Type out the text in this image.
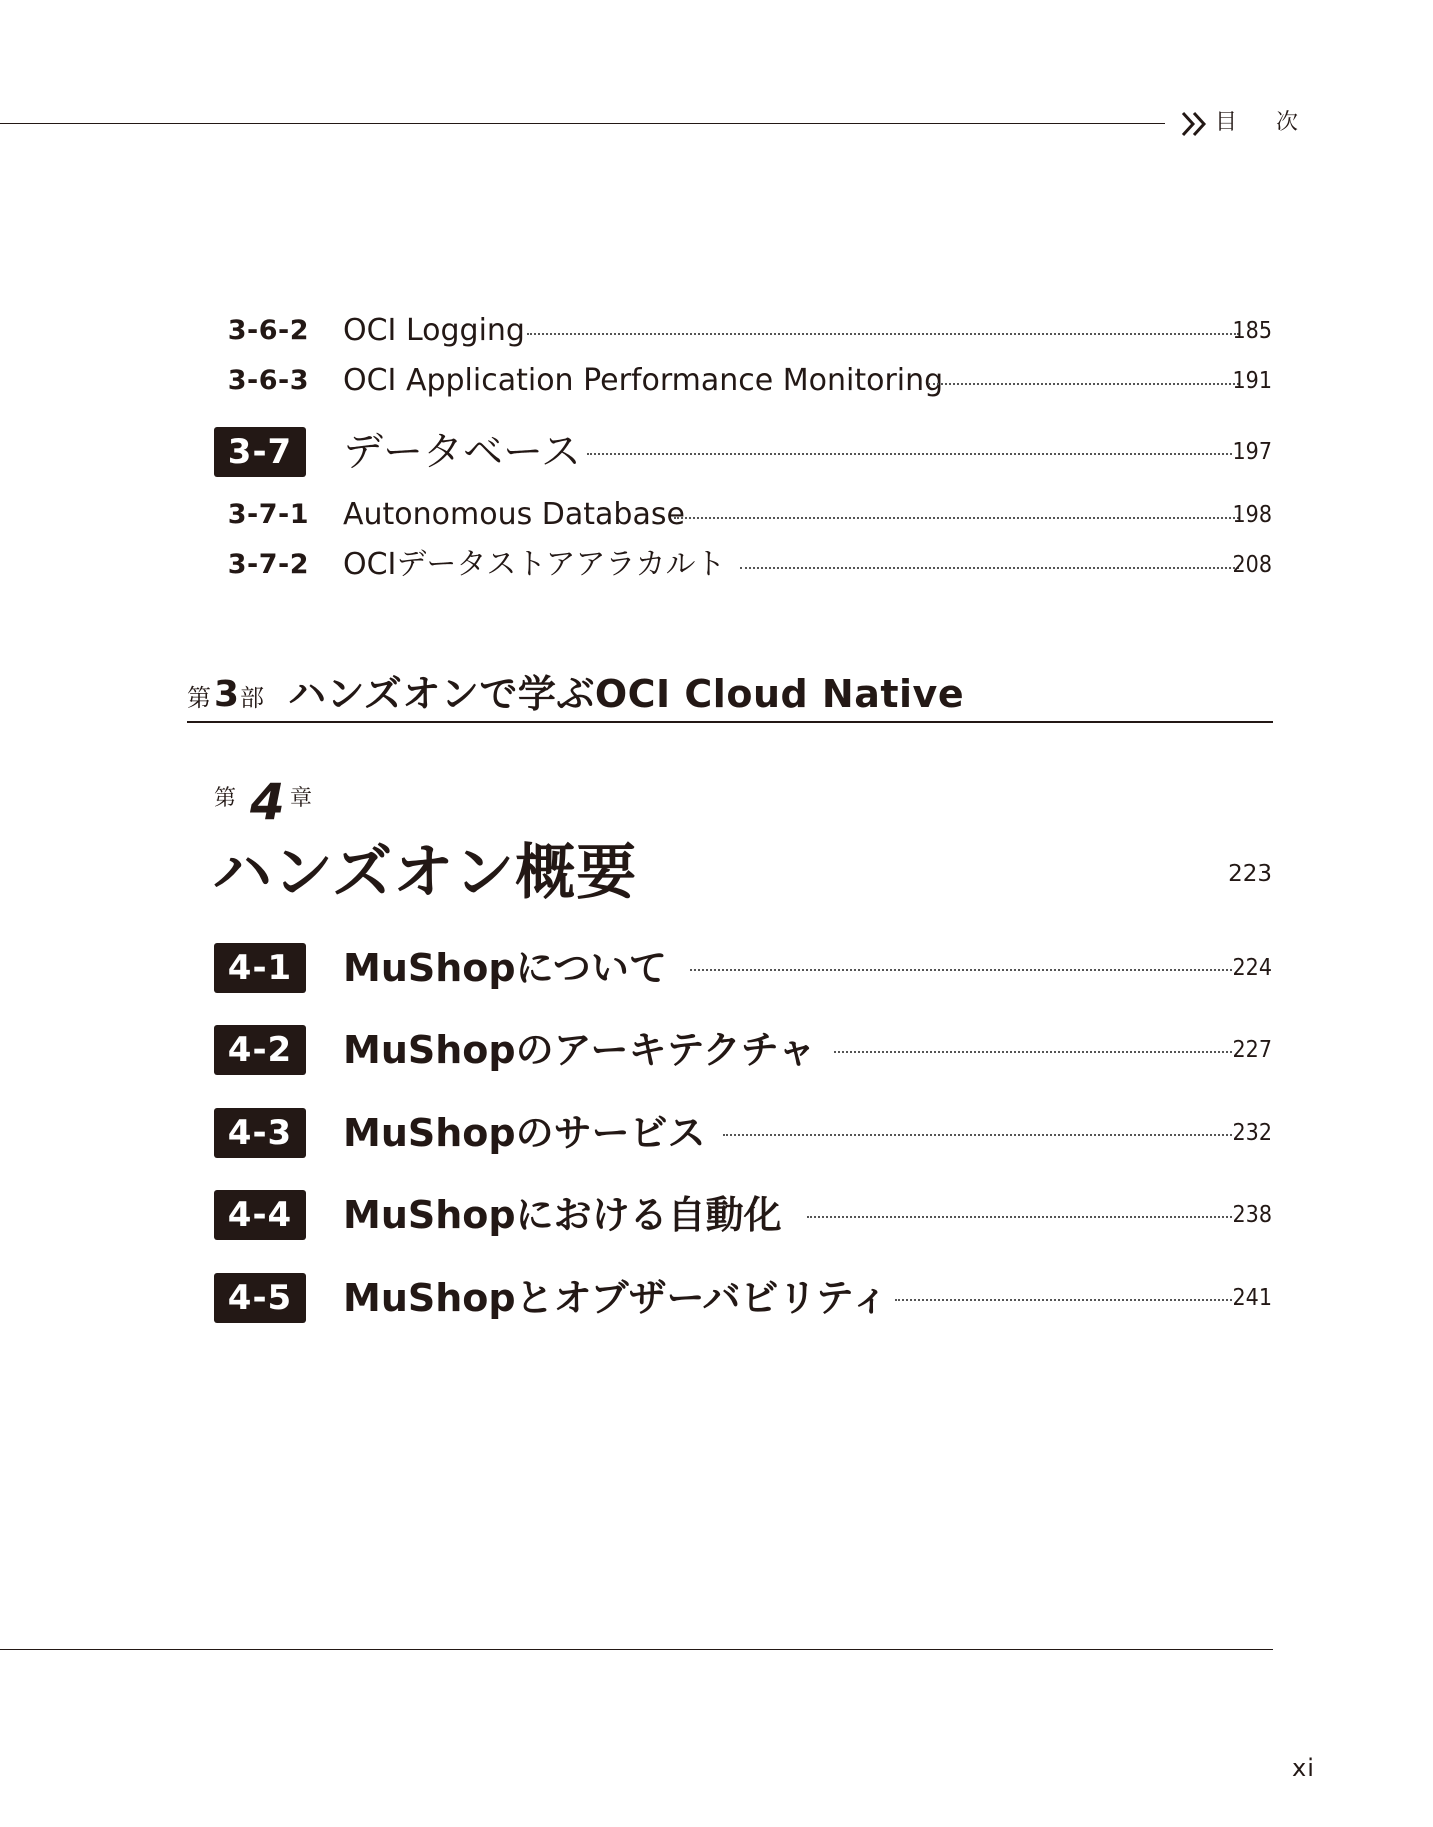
目 次
3-6-2 OCI Logging	185
3-6-3 OCI Application Performance Monitoring	191
3-7	データベース	197
3-7-1 Autonomous Database	198
3-7-2 OCIデータストアアラカルト	208
第 3 部 ハンズオンで学ぶOCI Cloud Native
第 4 章
ハンズオン概要	223
4-1	MuShopについて	224
4-2	MuShopのアーキテクチャ	227
4-3	MuShopのサービス	232
4-4	MuShopにおける自動化	238
4-5	MuShopとオブザーバビリティ	241
xi
